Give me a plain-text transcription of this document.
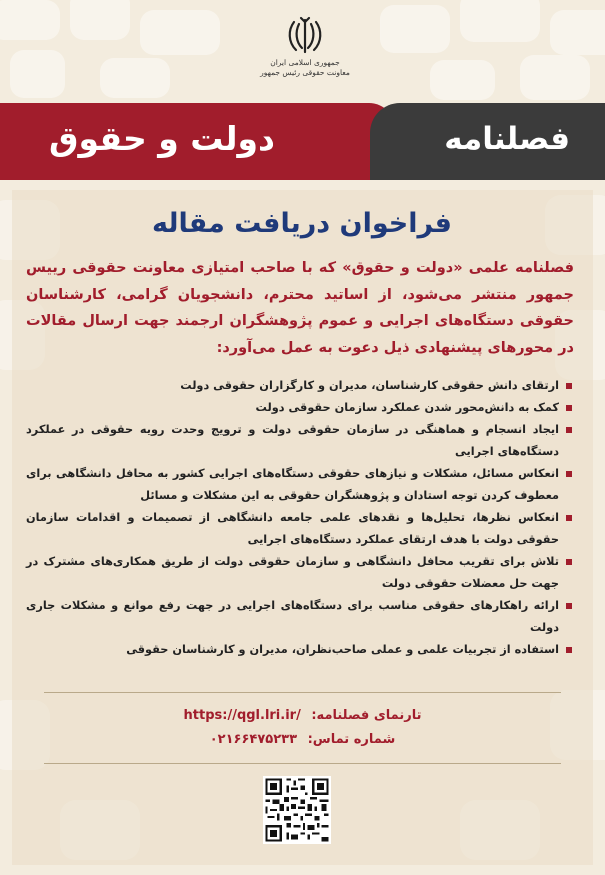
جمهوری اسلامی ایران
معاونت حقوقی رئیس جمهور
فصلنامه
دولت و حقوق
فراخوان دریافت مقاله

فصلنامه علمی «دولت و حقوق» که با صاحب امتیازی معاونت حقوقی رییس جمهور منتشر می‌شود، از اساتید محترم، دانشجویان گرامی، کارشناسان حقوقی دستگاه‌های اجرایی و عموم پژوهشگران ارجمند جهت ارسال مقالات در محورهای پیشنهادی ذیل دعوت به عمل می‌آورد:

ارتقای دانش حقوقی کارشناسان، مدیران و کارگزاران حقوقی دولت
کمک به دانش‌محور شدن عملکرد سازمان حقوقی دولت
ایجاد انسجام و هماهنگی در سازمان حقوقی دولت و ترویج وحدت رویه حقوقی در عملکرد دستگاه‌های اجرایی
انعکاس مسائل، مشکلات و نیازهای حقوقی دستگاه‌های اجرایی کشور به محافل دانشگاهی برای معطوف کردن توجه استادان و پژوهشگران حقوقی به این مشکلات و مسائل
انعکاس نظرها، تحلیل‌ها و نقدهای علمی جامعه دانشگاهی از تصمیمات و اقدامات سازمان حقوقی دولت با هدف ارتقای عملکرد دستگاه‌های اجرایی
تلاش برای تقریب محافل دانشگاهی و سازمان حقوقی دولت از طریق همکاری‌های مشترک در جهت حل معضلات حقوقی دولت
ارائه راهکارهای حقوقی مناسب برای دستگاه‌های اجرایی در جهت رفع موانع و مشکلات جاری دولت
استفاده از تجربیات علمی و عملی صاحب‌نظران، مدیران و کارشناسان حقوقی
تارنمای فصلنامه: https://qgl.lri.ir/
شماره تماس: ۰۲۱۶۶۴۷۵۲۳۳
